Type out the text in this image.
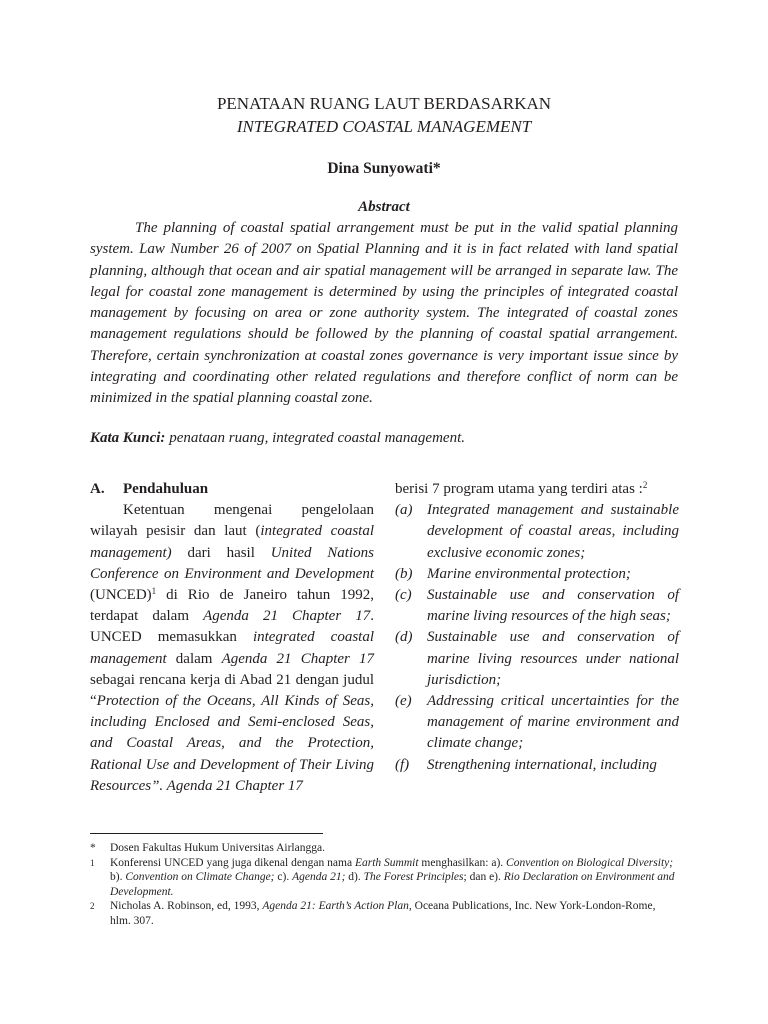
PENATAAN RUANG LAUT BERDASARKAN
INTEGRATED COASTAL MANAGEMENT
Dina Sunyowati*
Abstract

The planning of coastal spatial arrangement must be put in the valid spatial planning system. Law Number 26 of 2007 on Spatial Planning and it is in fact related with land spatial planning, although that ocean and air spatial management will be arranged in separate law. The legal for coastal zone management is determined by using the principles of integrated coastal management by focusing on area or zone authority system. The integrated of coastal zones management regulations should be followed by the planning of coastal spatial arrangement. Therefore, certain synchronization at coastal zones governance is very important issue since by integrating and coordinating other related regulations and therefore conflict of norm can be minimized in the spatial planning coastal zone.

Kata Kunci: penataan ruang, integrated coastal management.

A. Pendahuluan

Ketentuan mengenai pengelolaan wilayah pesisir dan laut (integrated coastal management) dari hasil United Nations Conference on Environment and Development (UNCED)$^1$ di Rio de Janeiro tahun 1992, terdapat dalam Agenda 21 Chapter 17. UNCED memasukkan integrated coastal management dalam Agenda 21 Chapter 17 sebagai rencana kerja di Abad 21 dengan judul “Protection of the Oceans, All Kinds of Seas, including Enclosed and Semi-enclosed Seas, and Coastal Areas, and the Protection, Rational Use and Development of Their Living Resources”. Agenda 21 Chapter 17

berisi 7 program utama yang terdiri atas :$^2$

(a) Integrated management and sustainable development of coastal areas, including exclusive economic zones;
(b) Marine environmental protection;
(c)	Sustainable use and conservation of marine living resources of the high seas;
(d) Sustainable use and conservation of marine living resources under national jurisdiction;
(e)	Addressing critical uncertainties for the management of marine environment and climate change;
(f)	Strengthening international, including
*	Dosen Fakultas Hukum Universitas Airlangga.
1	Konferensi UNCED yang juga dikenal dengan nama Earth Summit menghasilkan: a). Convention on Biological Diversity; b). Convention on Climate Change; c). Agenda 21; d). The Forest Principles; dan e). Rio Declaration on Environment and Development.
2	Nicholas A. Robinson, ed, 1993, Agenda 21: Earth’s Action Plan, Oceana Publications, Inc. New York-London-Rome, hlm. 307.
